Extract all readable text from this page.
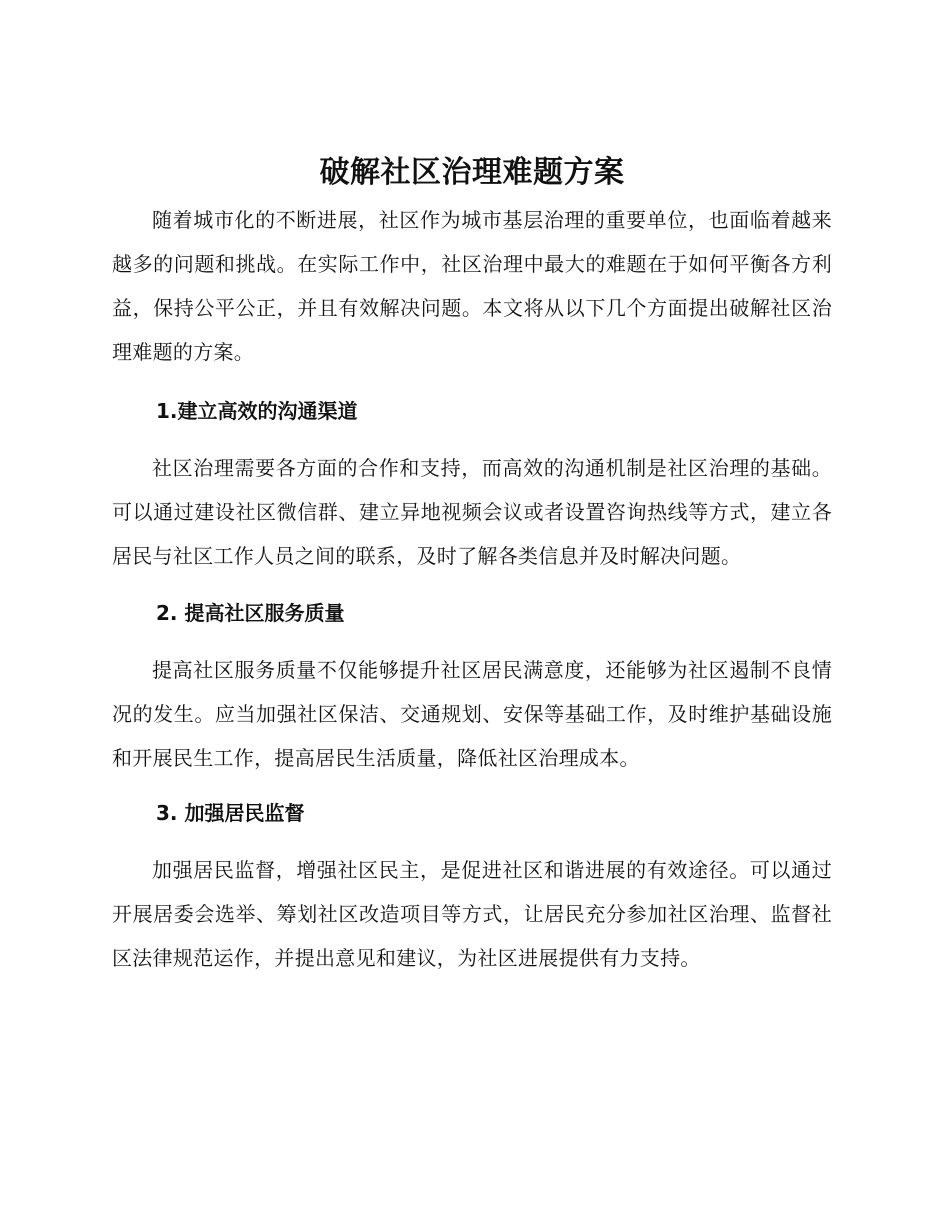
破解社区治理难题方案

随着城市化的不断进展，社区作为城市基层治理的重要单位，也面临着越来越多的问题和挑战。在实际工作中，社区治理中最大的难题在于如何平衡各方利益，保持公平公正，并且有效解决问题。本文将从以下几个方面提出破解社区治理难题的方案。

1.建立高效的沟通渠道

社区治理需要各方面的合作和支持，而高效的沟通机制是社区治理的基础。可以通过建设社区微信群、建立异地视频会议或者设置咨询热线等方式，建立各居民与社区工作人员之间的联系，及时了解各类信息并及时解决问题。

2. 提高社区服务质量

提高社区服务质量不仅能够提升社区居民满意度，还能够为社区遏制不良情况的发生。应当加强社区保洁、交通规划、安保等基础工作，及时维护基础设施和开展民生工作，提高居民生活质量，降低社区治理成本。

3. 加强居民监督

加强居民监督，增强社区民主，是促进社区和谐进展的有效途径。可以通过开展居委会选举、筹划社区改造项目等方式，让居民充分参加社区治理、监督社区法律规范运作，并提出意见和建议，为社区进展提供有力支持。
